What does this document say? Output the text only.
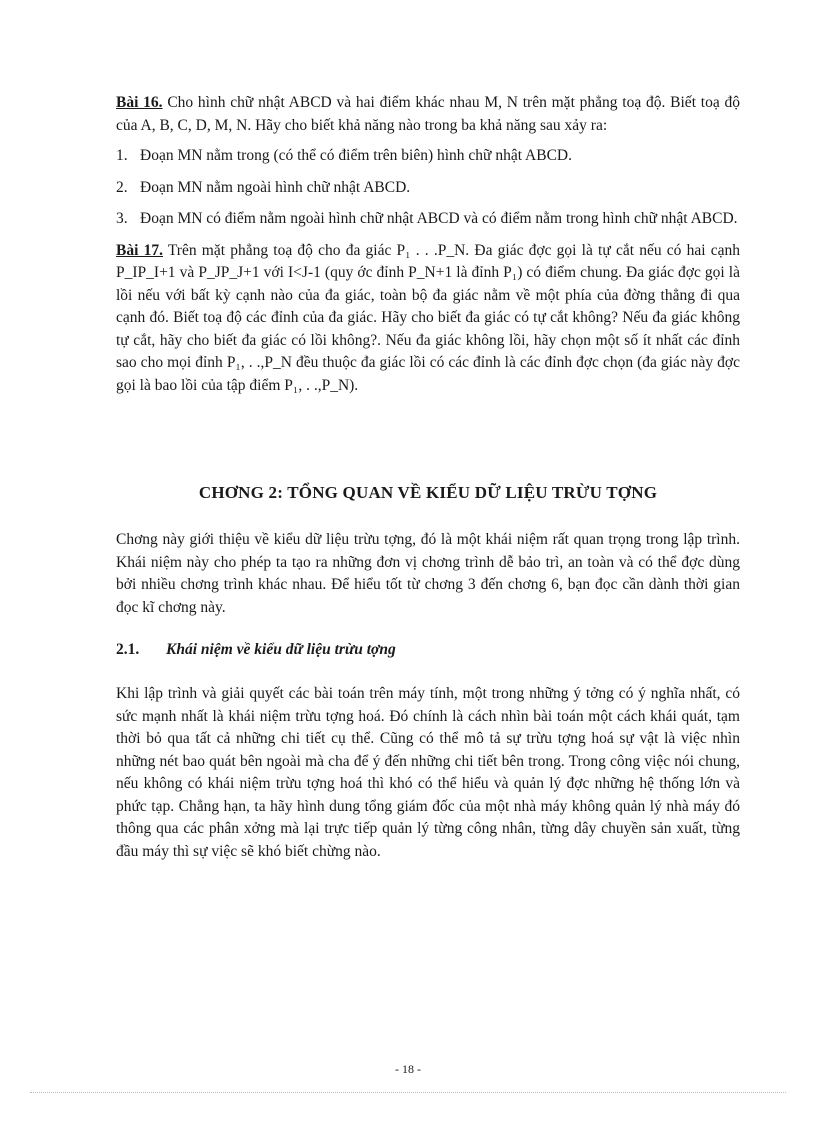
Bài 16. Cho hình chữ nhật ABCD và hai điểm khác nhau M, N trên mặt phẳng toạ độ. Biết toạ độ của A, B, C, D, M, N. Hãy cho biết khả năng nào trong ba khả năng sau xảy ra:

1. Đoạn MN nằm trong (có thể có điểm trên biên) hình chữ nhật ABCD.
2. Đoạn MN nằm ngoài hình chữ nhật ABCD.
3. Đoạn MN có điểm nằm ngoài hình chữ nhật ABCD và có điểm nằm trong hình chữ nhật ABCD.

Bài 17. Trên mặt phẳng toạ độ cho đa giác P₁ . . .P_N. Đa giác đợc gọi là tự cắt nếu có hai cạnh P_IP_I+1 và P_JP_J+1 với I<J-1 (quy ớc đỉnh P_N+1 là đỉnh P₁) có điểm chung. Đa giác đợc gọi là lồi nếu với bất kỳ cạnh nào của đa giác, toàn bộ đa giác nằm về một phía của đờng thẳng đi qua cạnh đó. Biết toạ độ các đỉnh của đa giác. Hãy cho biết đa giác có tự cắt không? Nếu đa giác không tự cắt, hãy cho biết đa giác có lồi không?. Nếu đa giác không lồi, hãy chọn một số ít nhất các đỉnh sao cho mọi đỉnh P₁, . .,P_N đều thuộc đa giác lồi có các đỉnh là các đỉnh đợc chọn (đa giác này đợc gọi là bao lồi của tập điểm P₁, . .,P_N).

CHƠNG 2: TỔNG QUAN VỀ KIỂU DỮ LIỆU TRỪU TỢNG

Chơng này giới thiệu về kiểu dữ liệu trừu tợng, đó là một khái niệm rất quan trọng trong lập trình. Khái niệm này cho phép ta tạo ra những đơn vị chơng trình dễ bảo trì, an toàn và có thể đợc dùng bởi nhiều chơng trình khác nhau. Để hiểu tốt từ chơng 3 đến chơng 6, bạn đọc cần dành thời gian đọc kĩ chơng này.

2.1.	Khái niệm về kiểu dữ liệu trừu tợng

Khi lập trình và giải quyết các bài toán trên máy tính, một trong những ý tởng có ý nghĩa nhất, có sức mạnh nhất là khái niệm trừu tợng hoá. Đó chính là cách nhìn bài toán một cách khái quát, tạm thời bỏ qua tất cả những chi tiết cụ thể. Cũng có thể mô tả sự trừu tợng hoá sự vật là việc nhìn những nét bao quát bên ngoài mà cha để ý đến những chi tiết bên trong. Trong công việc nói chung, nếu không có khái niệm trừu tợng hoá thì khó có thể hiểu và quản lý đợc những hệ thống lớn và phức tạp. Chẳng hạn, ta hãy hình dung tổng giám đốc của một nhà máy không quản lý nhà máy đó thông qua các phân xởng mà lại trực tiếp quản lý từng công nhân, từng dây chuyền sản xuất, từng đầu máy thì sự việc sẽ khó biết chừng nào.

- 18 -
